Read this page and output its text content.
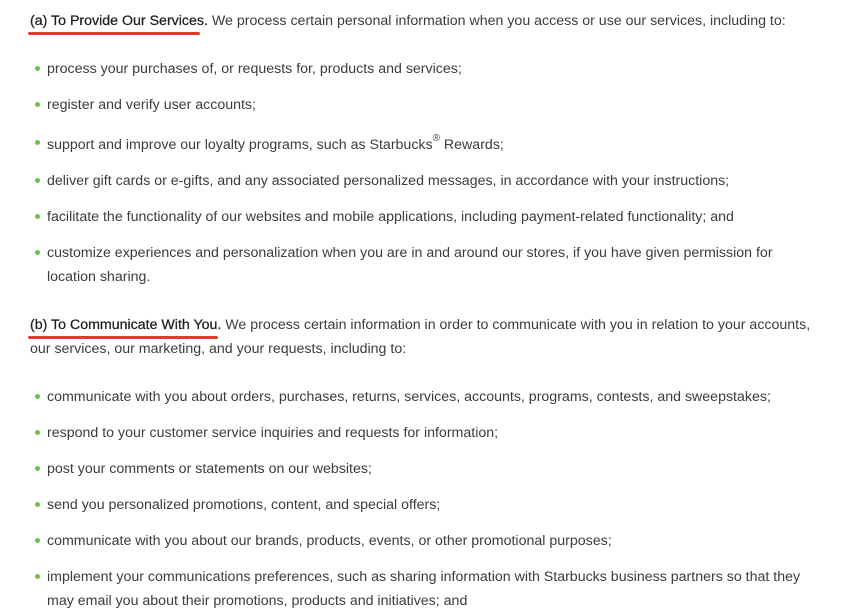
(a) To Provide Our Services.
We process certain personal information when you access or use our services, including to:

process your purchases of, or requests for, products and services;
register and verify user accounts;
support and improve our loyalty programs, such as Starbucks® Rewards;
deliver gift cards or e-gifts, and any associated personalized messages, in accordance with your instructions;
facilitate the functionality of our websites and mobile applications, including payment-related functionality; and
customize experiences and personalization when you are in and around our stores, if you have given permission for location sharing.

(b) To Communicate With You.
We process certain information in order to communicate with you in relation to your accounts, our services, our marketing, and your requests, including to:

communicate with you about orders, purchases, returns, services, accounts, programs, contests, and sweepstakes;
respond to your customer service inquiries and requests for information;
post your comments or statements on our websites;
send you personalized promotions, content, and special offers;
communicate with you about our brands, products, events, or other promotional purposes;
implement your communications preferences, such as sharing information with Starbucks business partners so that they may email you about their promotions, products and initiatives; and
